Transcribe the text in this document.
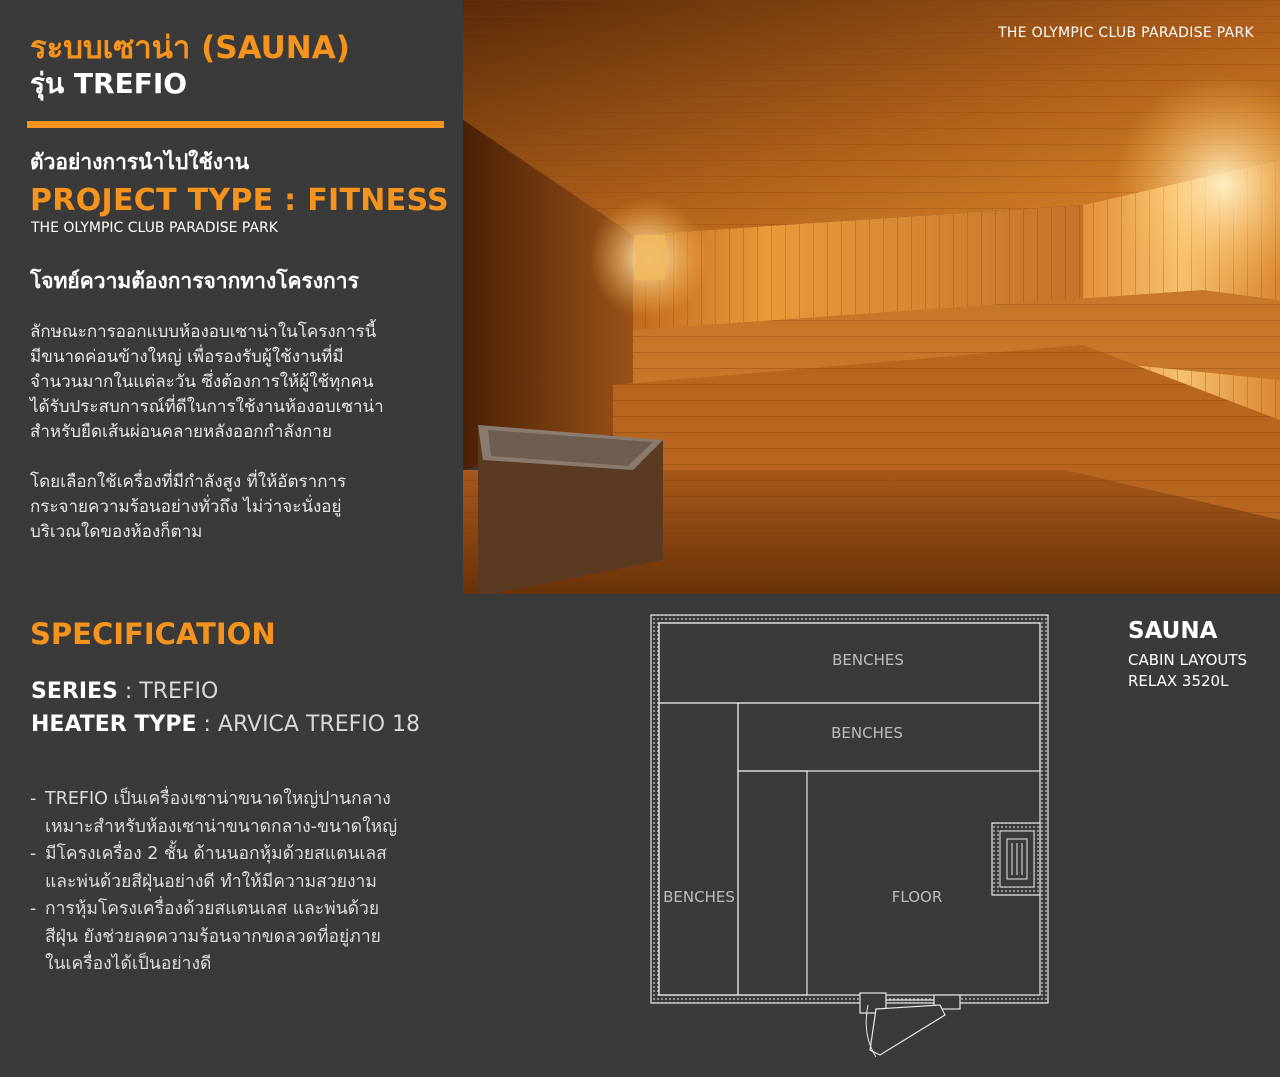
ระบบเซาน่า (SAUNA)
รุ่น TREFIO
ตัวอย่างการนำไปใช้งาน
PROJECT TYPE : FITNESS
THE OLYMPIC CLUB PARADISE PARK
โจทย์ความต้องการจากทางโครงการ
ลักษณะการออกแบบห้องอบเซาน่าในโครงการนี้
มีขนาดค่อนข้างใหญ่ เพื่อรองรับผู้ใช้งานที่มี
จำนวนมากในแต่ละวัน ซึ่งต้องการให้ผู้ใช้ทุกคน
ได้รับประสบการณ์ที่ดีในการใช้งานห้องอบเซาน่า
สำหรับยืดเส้นผ่อนคลายหลังออกกำลังกาย
โดยเลือกใช้เครื่องที่มีกำลังสูง ที่ให้อัตราการ
กระจายความร้อนอย่างทั่วถึง ไม่ว่าจะนั่งอยู่
บริเวณใดของห้องก็ตาม
THE OLYMPIC CLUB PARADISE PARK
SPECIFICATION
SERIES : TREFIO
HEATER TYPE : ARVICA TREFIO 18
- TREFIO เป็นเครื่องเซาน่าขนาดใหญ่ปานกลาง
เหมาะสำหรับห้องเซาน่าขนาดกลาง-ขนาดใหญ่
- มีโครงเครื่อง 2 ชั้น ด้านนอกหุ้มด้วยสแตนเลส
และพ่นด้วยสีฝุ่นอย่างดี ทำให้มีความสวยงาม
- การหุ้มโครงเครื่องด้วยสแตนเลส และพ่นด้วย
สีฝุ่น ยังช่วยลดความร้อนจากขดลวดที่อยู่ภาย
ในเครื่องได้เป็นอย่างดี
BENCHES
BENCHES
BENCHES	FLOOR
SAUNA
CABIN LAYOUTS
RELAX 3520L
